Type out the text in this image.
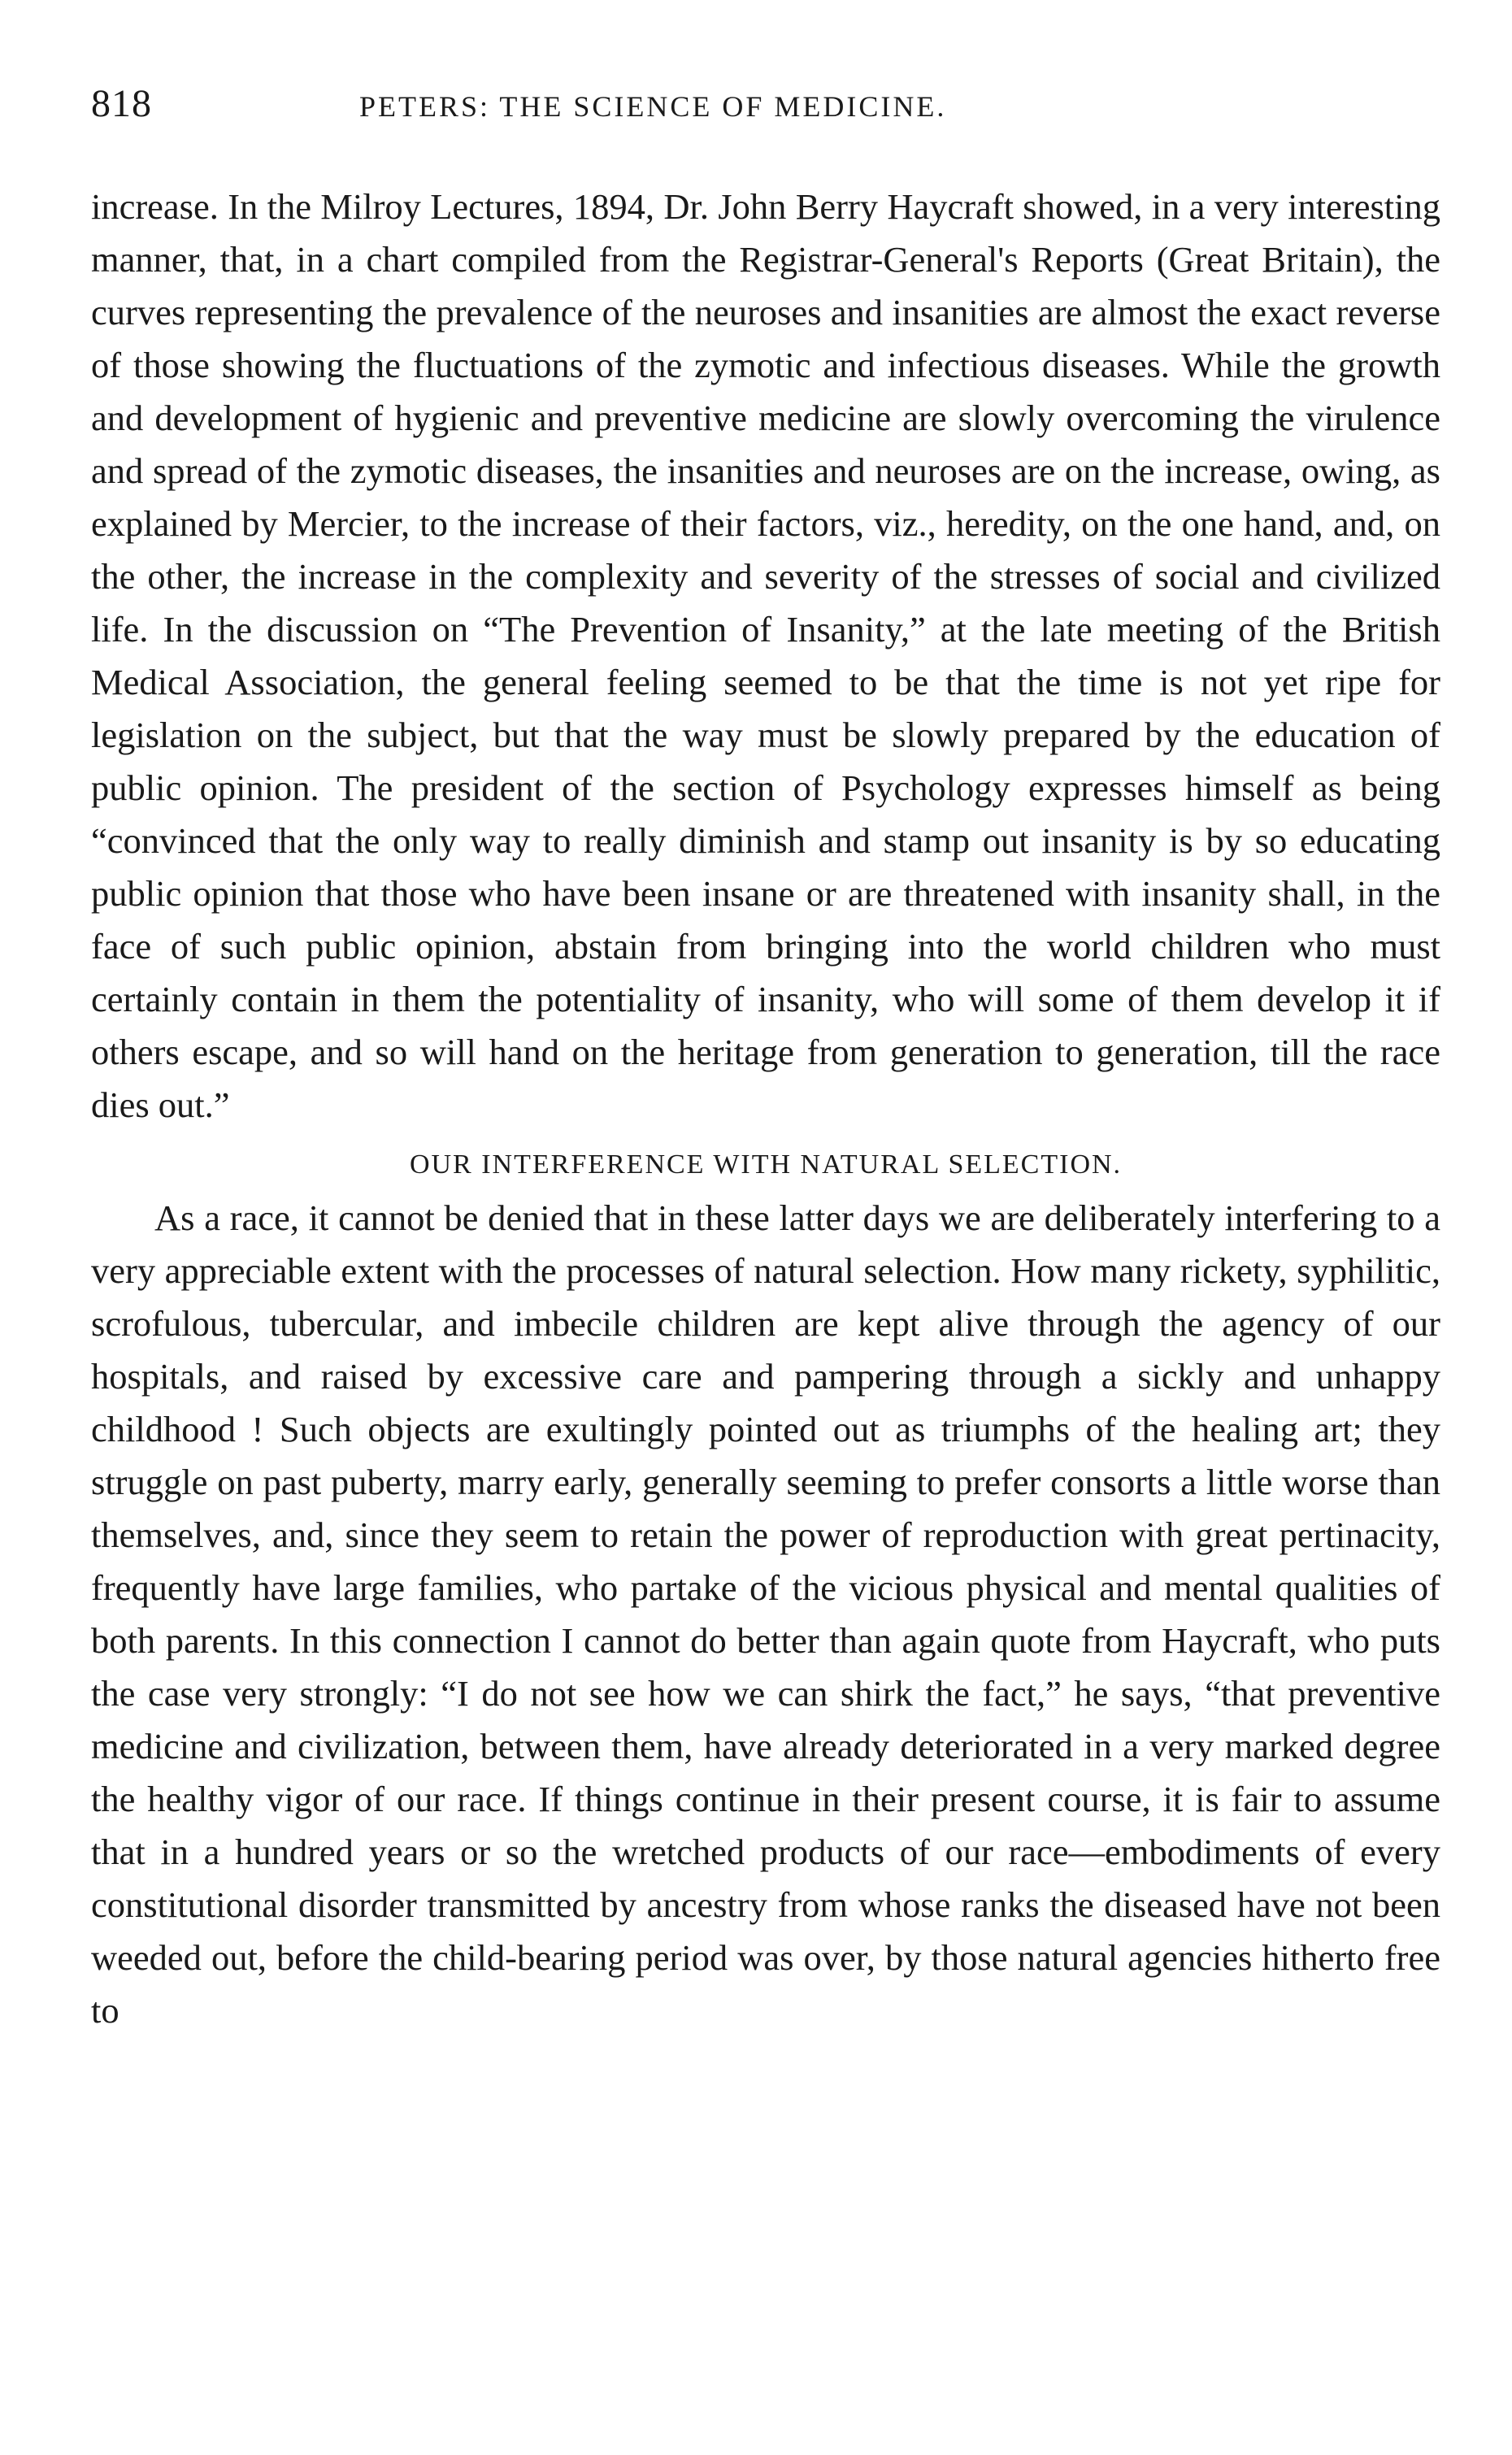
818	PETERS: THE SCIENCE OF MEDICINE.

increase. In the Milroy Lectures, 1894, Dr. John Berry Haycraft showed, in a very interesting manner, that, in a chart compiled from the Registrar-General's Reports (Great Britain), the curves representing the prevalence of the neuroses and insanities are almost the exact reverse of those showing the fluctuations of the zymotic and infectious diseases. While the growth and development of hygienic and preventive medicine are slowly overcoming the virulence and spread of the zymotic diseases, the insanities and neuroses are on the increase, owing, as explained by Mercier, to the increase of their factors, viz., heredity, on the one hand, and, on the other, the increase in the complexity and severity of the stresses of social and civilized life. In the discussion on “The Prevention of Insanity,” at the late meeting of the British Medical Association, the general feeling seemed to be that the time is not yet ripe for legislation on the subject, but that the way must be slowly prepared by the education of public opinion. The president of the section of Psychology expresses himself as being “convinced that the only way to really diminish and stamp out insanity is by so educating public opinion that those who have been insane or are threatened with insanity shall, in the face of such public opinion, abstain from bringing into the world children who must certainly contain in them the potentiality of insanity, who will some of them develop it if others escape, and so will hand on the heritage from generation to generation, till the race dies out.”

OUR INTERFERENCE WITH NATURAL SELECTION.

As a race, it cannot be denied that in these latter days we are deliberately interfering to a very appreciable extent with the processes of natural selection. How many rickety, syphilitic, scrofulous, tubercular, and imbecile children are kept alive through the agency of our hospitals, and raised by excessive care and pampering through a sickly and unhappy childhood ! Such objects are exultingly pointed out as triumphs of the healing art; they struggle on past puberty, marry early, generally seeming to prefer consorts a little worse than themselves, and, since they seem to retain the power of reproduction with great pertinacity, frequently have large families, who partake of the vicious physical and mental qualities of both parents. In this connection I cannot do better than again quote from Haycraft, who puts the case very strongly: “I do not see how we can shirk the fact,” he says, “that preventive medicine and civilization, between them, have already deteriorated in a very marked degree the healthy vigor of our race. If things continue in their present course, it is fair to assume that in a hundred years or so the wretched products of our race—embodiments of every constitutional disorder transmitted by ancestry from whose ranks the diseased have not been weeded out, before the child-bearing period was over, by those natural agencies hitherto free to
